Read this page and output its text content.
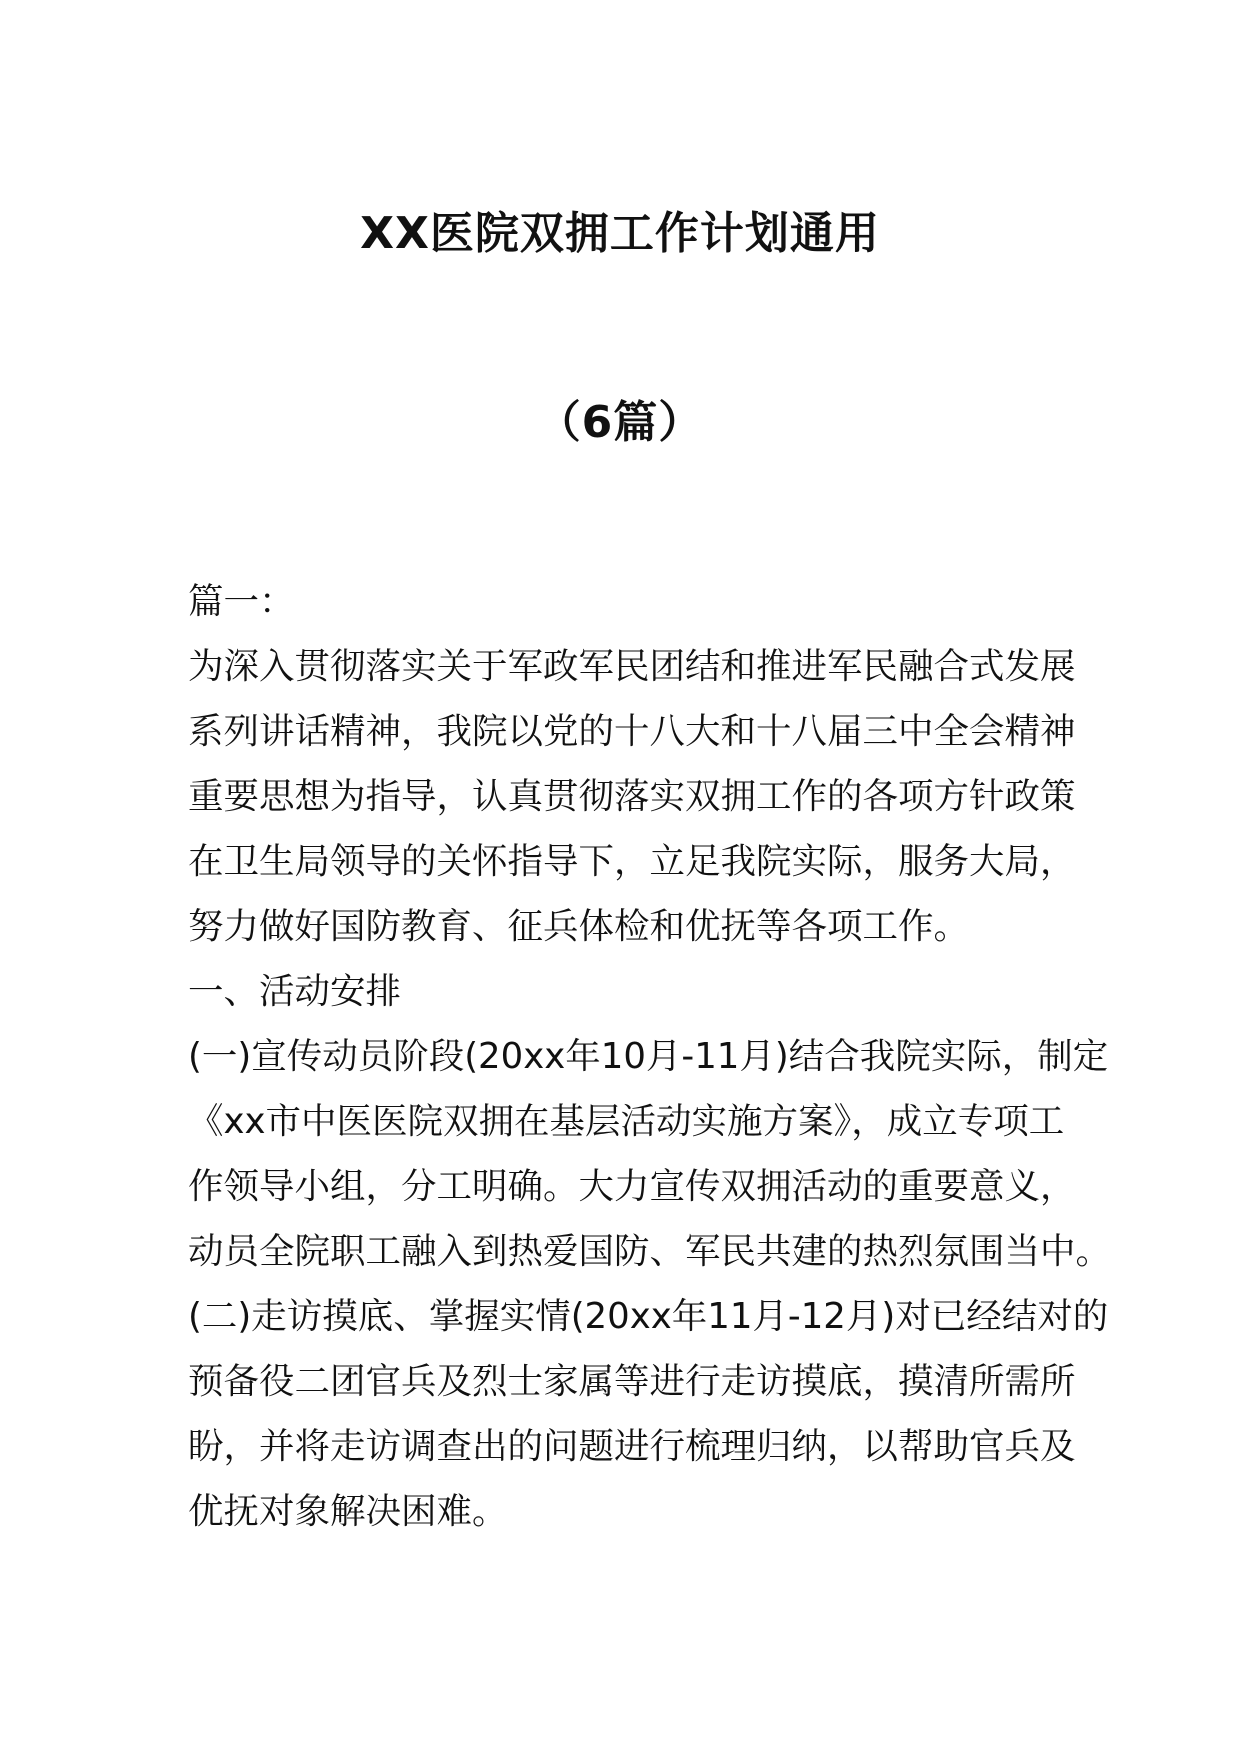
XX医院双拥工作计划通用
（6篇）
篇一：
为深入贯彻落实关于军政军民团结和推进军民融合式发展
系列讲话精神，我院以党的十八大和十八届三中全会精神
重要思想为指导，认真贯彻落实双拥工作的各项方针政策
在卫生局领导的关怀指导下，立足我院实际，服务大局，
努力做好国防教育、征兵体检和优抚等各项工作。
一、活动安排
(一)宣传动员阶段(20xx年10月-11月)结合我院实际，制定
《xx市中医医院双拥在基层活动实施方案》，成立专项工
作领导小组，分工明确。大力宣传双拥活动的重要意义，
动员全院职工融入到热爱国防、军民共建的热烈氛围当中。
(二)走访摸底、掌握实情(20xx年11月-12月)对已经结对的
预备役二团官兵及烈士家属等进行走访摸底，摸清所需所
盼，并将走访调查出的问题进行梳理归纳，以帮助官兵及
优抚对象解决困难。
